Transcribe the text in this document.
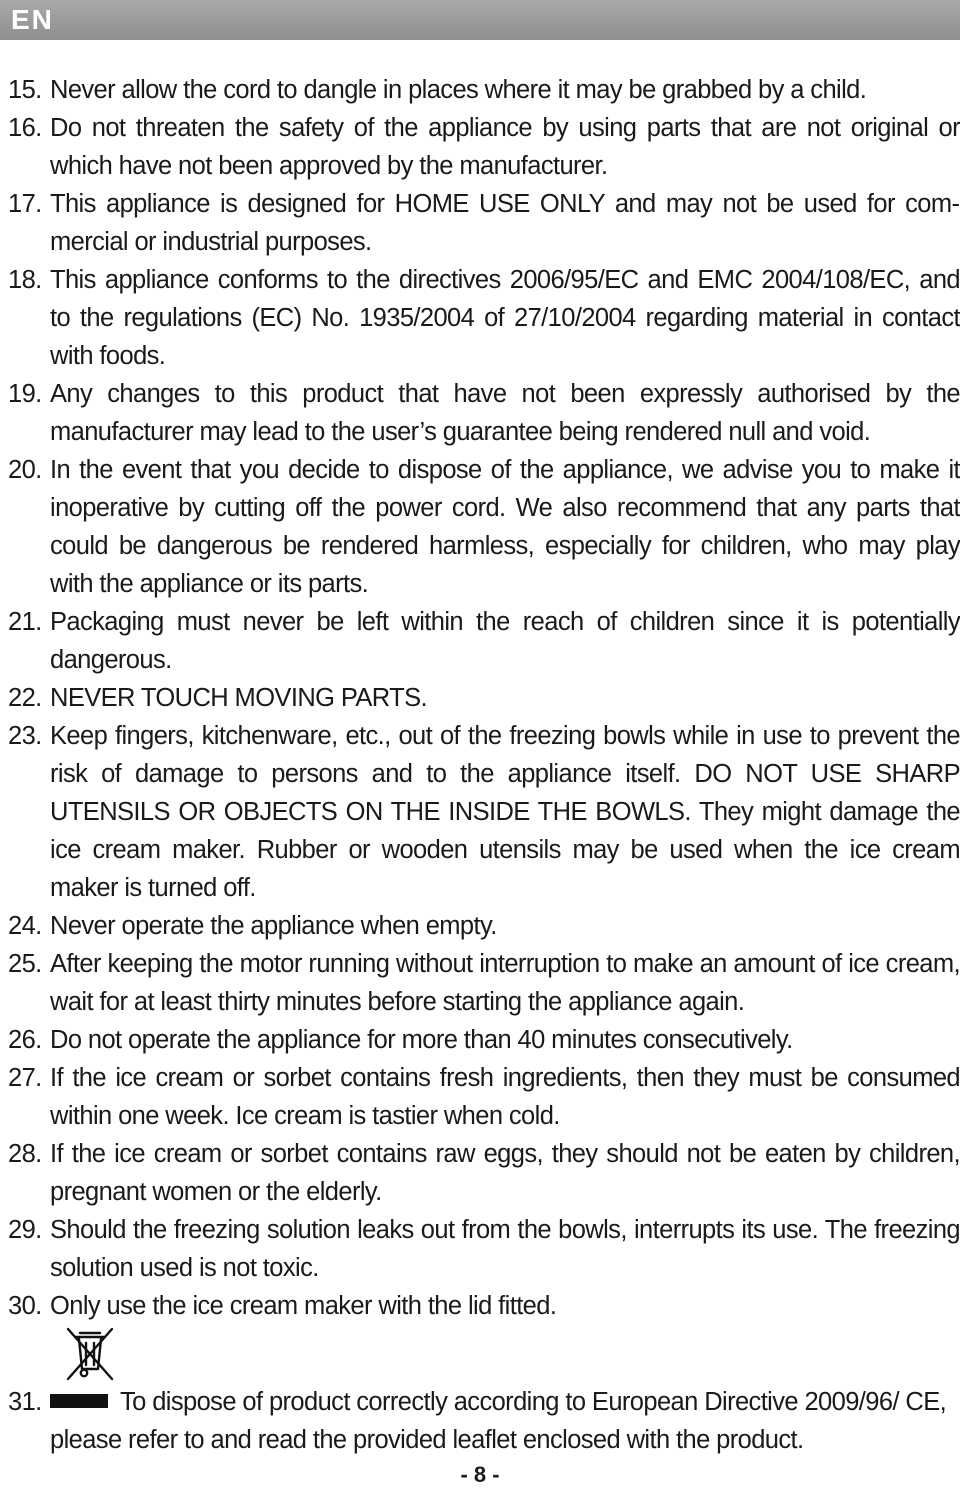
EN
15. Never allow the cord to dangle in places where it may be grabbed by a child.
16. Do not threaten the safety of the appliance by using parts that are not original or which have not been approved by the manufacturer.
17. This appliance is designed for HOME USE ONLY and may not be used for commercial or industrial purposes.
18. This appliance conforms to the directives 2006/95/EC and EMC 2004/108/EC, and to the regulations (EC) No. 1935/2004 of 27/10/2004 regarding material in contact with foods.
19. Any changes to this product that have not been expressly authorised by the manufacturer may lead to the user’s guarantee being rendered null and void.
20. In the event that you decide to dispose of the appliance, we advise you to make it inoperative by cutting off the power cord. We also recommend that any parts that could be dangerous be rendered harmless, especially for children, who may play with the appliance or its parts.
21. Packaging must never be left within the reach of children since it is potentially dangerous.
22. NEVER TOUCH MOVING PARTS.
23. Keep fingers, kitchenware, etc., out of the freezing bowls while in use to prevent the risk of damage to persons and to the appliance itself. DO NOT USE SHARP UTENSILS OR OBJECTS ON THE INSIDE THE BOWLS. They might damage the ice cream maker. Rubber or wooden utensils may be used when the ice cream maker is turned off.
24. Never operate the appliance when empty.
25. After keeping the motor running without interruption to make an amount of ice cream, wait for at least thirty minutes before starting the appliance again.
26. Do not operate the appliance for more than 40 minutes consecutively.
27. If the ice cream or sorbet contains fresh ingredients, then they must be consumed within one week. Ice cream is tastier when cold.
28. If the ice cream or sorbet contains raw eggs, they should not be eaten by children, pregnant women or the elderly.
29. Should the freezing solution leaks out from the bowls, interrupts its use. The freezing solution used is not toxic.
30. Only use the ice cream maker with the lid fitted.
31.	To dispose of product correctly according to European Directive 2009/96/ CE, please refer to and read the provided leaflet enclosed with the product.
- 8 -
